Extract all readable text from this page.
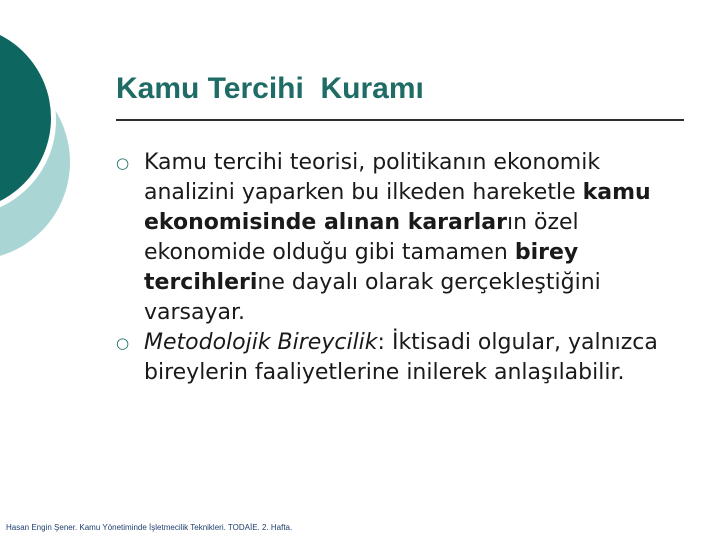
Kamu Tercihi  Kuramı
○ Kamu tercihi teorisi, politikanın ekonomik analizini yaparken bu ilkeden hareketle kamu ekonomisinde alınan kararların özel ekonomide olduğu gibi tamamen birey tercihlerine dayalı olarak gerçekleştiğini varsayar.
○ Metodolojik Bireycilik: İktisadi olgular, yalnızca bireylerin faaliyetlerine inilerek anlaşılabilir.
Hasan Engin Şener. Kamu Yönetiminde İşletmecilik Teknikleri. TODAİE. 2. Hafta.
